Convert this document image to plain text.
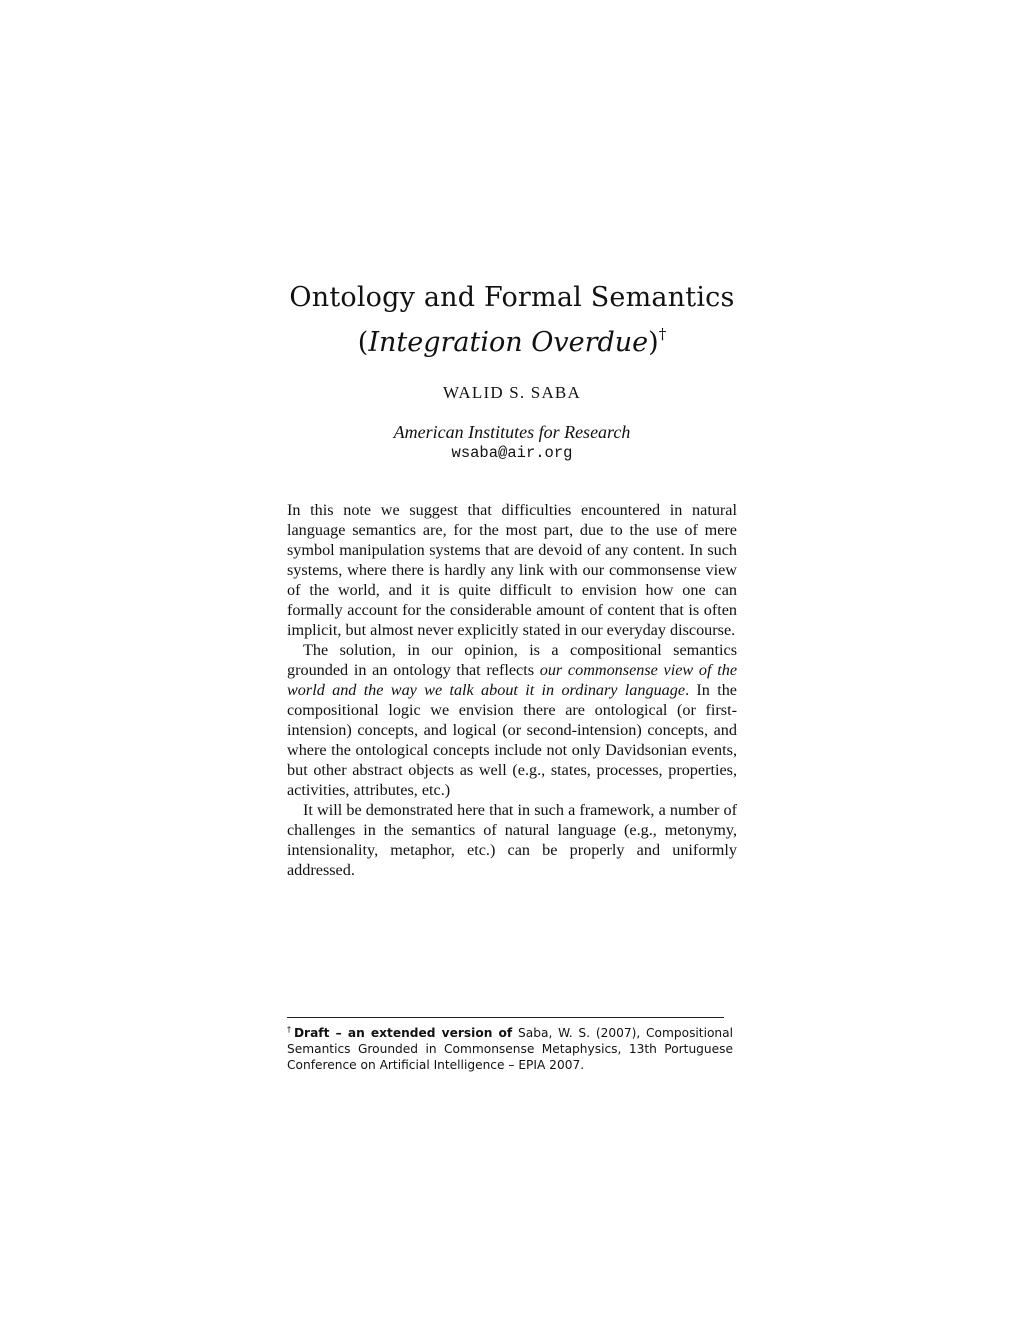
Ontology and Formal Semantics
(Integration Overdue)†
WALID S. SABA
American Institutes for Research
wsaba@air.org

In this note we suggest that difficulties encountered in natural language semantics are, for the most part, due to the use of mere symbol manipulation systems that are devoid of any content. In such systems, where there is hardly any link with our commonsense view of the world, and it is quite difficult to envision how one can formally account for the considerable amount of content that is often implicit, but almost never explicitly stated in our everyday discourse.

The solution, in our opinion, is a compositional semantics grounded in an ontology that reflects our commonsense view of the world and the way we talk about it in ordinary language. In the compositional logic we envision there are ontological (or first-intension) concepts, and logical (or second-intension) concepts, and where the ontological concepts include not only Davidsonian events, but other abstract objects as well (e.g., states, processes, properties, activities, attributes, etc.)

It will be demonstrated here that in such a framework, a number of challenges in the semantics of natural language (e.g., metonymy, intensionality, metaphor, etc.) can be properly and uniformly addressed.

†Draft – an extended version of Saba, W. S. (2007), Compositional Semantics Grounded in Commonsense Metaphysics, 13th Portuguese Conference on Artificial Intelligence – EPIA 2007.
